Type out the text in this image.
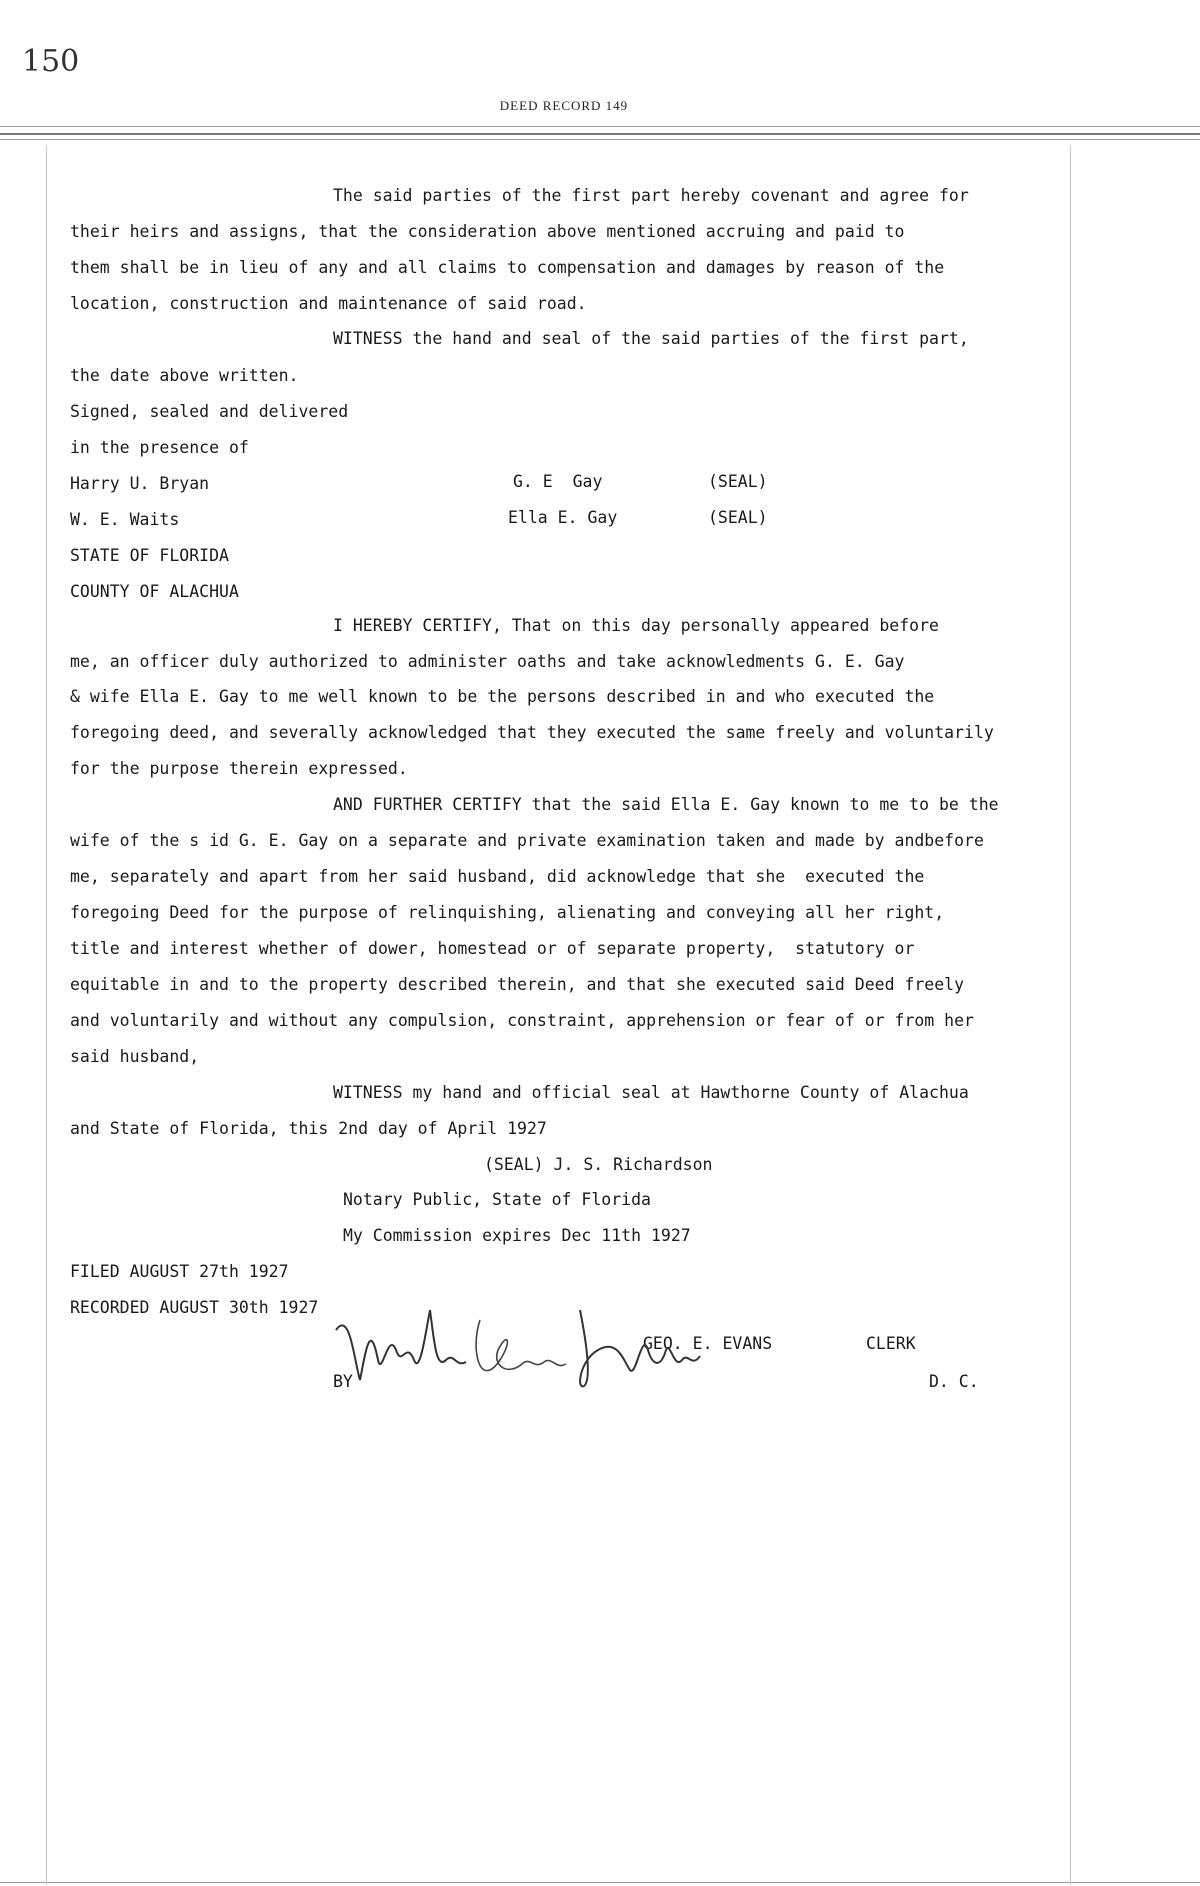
150
DEED RECORD 149
The said parties of the first part hereby covenant and agree for
their heirs and assigns, that the consideration above mentioned accruing and paid to
them shall be in lieu of any and all claims to compensation and damages by reason of the
location, construction and maintenance of said road.
WITNESS the hand and seal of the said parties of the first part,
the date above written.
Signed, sealed and delivered
in the presence of
Harry U. Bryan	G. E  Gay	(SEAL)
W. E. Waits	Ella E. Gay	(SEAL)
STATE OF FLORIDA
COUNTY OF ALACHUA
I HEREBY CERTIFY, That on this day personally appeared before
me, an officer duly authorized to administer oaths and take acknowledments G. E. Gay
& wife Ella E. Gay to me well known to be the persons described in and who executed the
foregoing deed, and severally acknowledged that they executed the same freely and voluntarily
for the purpose therein expressed.
AND FURTHER CERTIFY that the said Ella E. Gay known to me to be the
wife of the s id G. E. Gay on a separate and private examination taken and made by andbefore
me, separately and apart from her said husband, did acknowledge that she  executed the
foregoing Deed for the purpose of relinquishing, alienating and conveying all her right,
title and interest whether of dower, homestead or of separate property,  statutory or
equitable in and to the property described therein, and that she executed said Deed freely
and voluntarily and without any compulsion, constraint, apprehension or fear of or from her
said husband,
WITNESS my hand and official seal at Hawthorne County of Alachua
and State of Florida, this 2nd day of April 1927
(SEAL) J. S. Richardson
Notary Public, State of Florida
My Commission expires Dec 11th 1927
FILED AUGUST 27th 1927
RECORDED AUGUST 30th 1927
GEO. E. EVANS	CLERK
BY	D. C.
